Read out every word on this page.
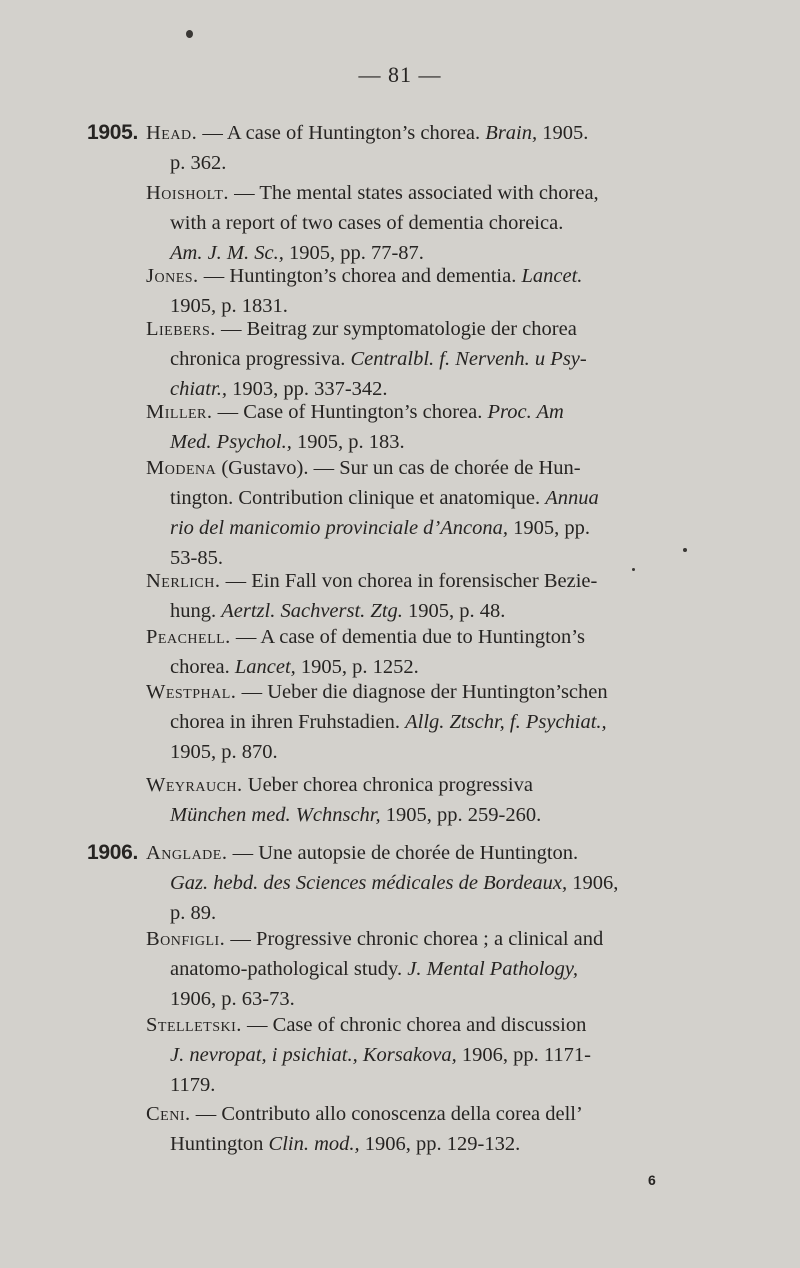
— 81 —
1905.
1906.
Head. — A case of Huntington’s chorea. Brain, 1905.
p. 362.
Hoisholt. — The mental states associated with chorea,
with a report of two cases of dementia choreica.
Am. J. M. Sc., 1905, pp. 77-87.
Jones. — Huntington’s chorea and dementia. Lancet.
1905, p. 1831.
Liebers. — Beitrag zur symptomatologie der chorea
chronica progressiva. Centralbl. f. Nervenh. u Psy-
chiatr., 1903, pp. 337-342.
Miller. — Case of Huntington’s chorea. Proc. Am
Med. Psychol., 1905, p. 183.
Modena (Gustavo). — Sur un cas de chorée de Hun-
tington. Contribution clinique et anatomique. Annua
rio del manicomio provinciale d’Ancona, 1905, pp.
53-85.
Nerlich. — Ein Fall von chorea in forensischer Bezie-
hung. Aertzl. Sachverst. Ztg. 1905, p. 48.
Peachell. — A case of dementia due to Huntington’s
chorea. Lancet, 1905, p. 1252.
Westphal. — Ueber die diagnose der Huntington’schen
chorea in ihren Fruhstadien. Allg. Ztschr, f. Psychiat.,
1905, p. 870.
Weyrauch. Ueber chorea chronica progressiva
München med. Wchnschr, 1905, pp. 259-260.
Anglade. — Une autopsie de chorée de Huntington.
Gaz. hebd. des Sciences médicales de Bordeaux, 1906,
p. 89.
Bonfigli. — Progressive chronic chorea ; a clinical and
anatomo-pathological study. J. Mental Pathology,
1906, p. 63-73.
Stelletski. — Case of chronic chorea and discussion
J. nevropat, i psichiat., Korsakova, 1906, pp. 1171-
1179.
Ceni. — Contributo allo conoscenza della corea dell’
Huntington Clin. mod., 1906, pp. 129-132.
6
